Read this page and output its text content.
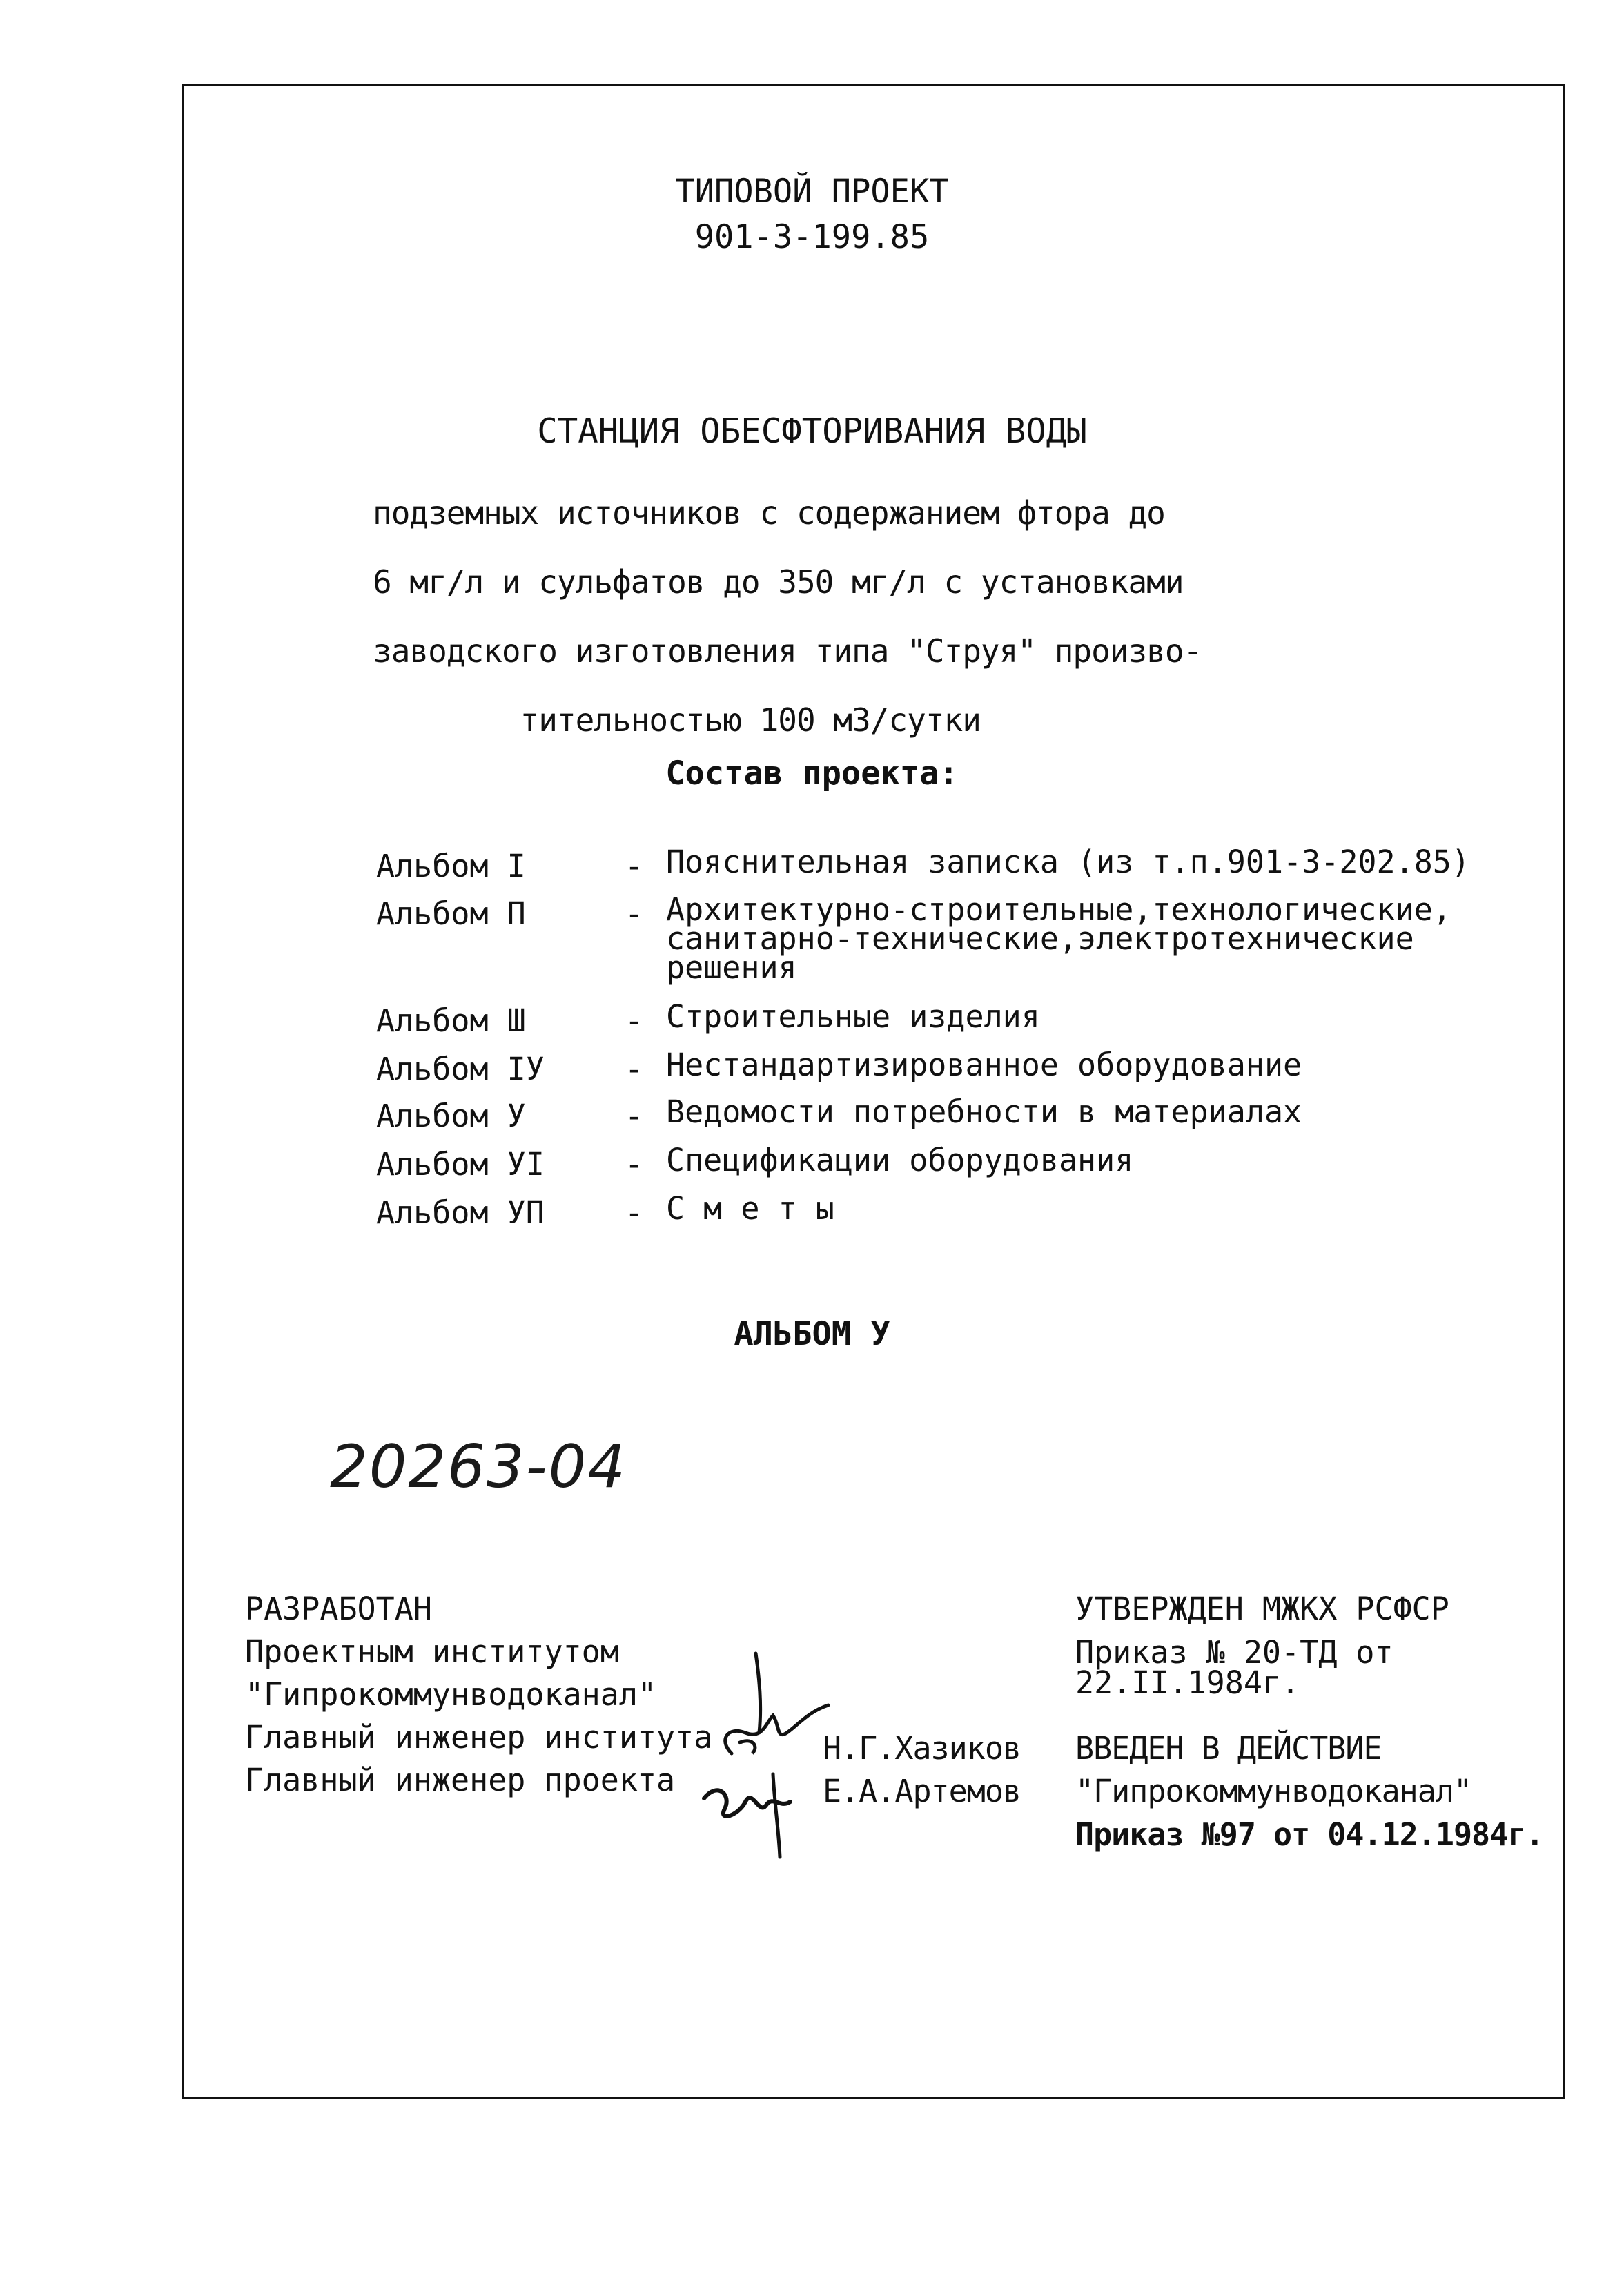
ТИПОВОЙ ПРОЕКТ
901-3-199.85
СТАНЦИЯ ОБЕСФТОРИВАНИЯ ВОДЫ

подземных источников с содержанием фтора до

6 мг/л и сульфатов до 350 мг/л с установками

заводского изготовления типа "Струя" произво-

тительностью 100 м3/сутки

Состав проекта:
Альбом I	- Пояснительная записка (из т.п.901-3-202.85)
Альбом П	- Архитектурно-строительные,технологические,
санитарно-технические,электротехнические
решения
Альбом Ш	- Строительные изделия
Альбом IУ	- Нестандартизированное оборудование
Альбом У	- Ведомости потребности в материалах
Альбом УI	- Спецификации оборудования
Альбом УП	- С м е т ы
АЛЬБОМ У
20263-04
РАЗРАБОТАН
Проектным институтом
"Гипрокоммунводоканал"
Главный инженер института
Главный инженер проекта
Н.Г.Хазиков
Е.А.Артемов
УТВЕРЖДЕН МЖКХ РСФСР
Приказ № 20-ТД от
22.II.1984г.
ВВЕДЕН В ДЕЙСТВИЕ
"Гипрокоммунводоканал"
Приказ №97 от 04.12.1984г.
